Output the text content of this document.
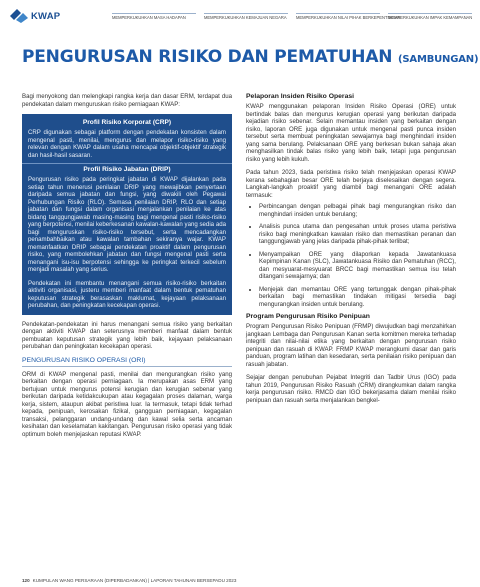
KWAP	MEMPERKUKUHKAN MASA HADAPAN	MEMPERKUKUHKAN KEMAJUAN NEGARA	MEMPERKUKUHKAN NILAI PIHAK BERKEPENTINGAN
MEMPERKUKUHKAN IMPAK KEMAMPANAN
PENGURUSAN RISIKO DAN PEMATUHAN (SAMBUNGAN)

Bagi menyokong dan melengkapi rangka kerja dan dasar ERM, terdapat dua pendekatan dalam menguruskan risiko perniagaan KWAP:

Profil Risiko Korporat (CRP)

CRP digunakan sebagai platform dengan pendekatan konsisten dalam mengenal pasti, menilai, mengurus dan melapor risiko-risiko yang relevan dengan KWAP dalam usaha mencapai objektif-objektif strategik dan hasil-hasil sasaran.

Profil Risiko Jabatan (DRIP)

Pengurusan risiko pada peringkat jabatan di KWAP dijalankan pada setiap tahun menerusi penilaian DRIP yang mewajibkan penyertaan daripada semua jabatan dan fungsi, yang diwakili oleh Pegawai Perhubungan Risiko (RLO). Semasa penilaian DRIP, RLO dan setiap jabatan dan fungsi dalam organisasi menjalankan penilaian ke atas bidang tanggungjawab masing-masing bagi mengenal pasti risiko-risiko yang berpotensi, menilai keberkesanan kawalan-kawalan yang sedia ada bagi menguruskan risiko-risiko tersebut, serta mencadangkan penambahbaikan atau kawalan tambahan sekiranya wajar. KWAP memanfaatkan DRIP sebagai pendekatan proaktif dalam pengurusan risiko, yang membolehkan jabatan dan fungsi mengenal pasti serta menangani isu-isu berpotensi sehingga ke peringkat terkecil sebelum menjadi masalah yang serius.

Pendekatan ini membantu menangani semua risiko-risiko berkaitan aktiviti organisasi, justeru memberi manfaat dalam bentuk pematuhan keputusan strategik berasaskan maklumat, kejayaan pelaksanaan perubahan, dan peningkatan kecekapan operasi.

Pendekatan-pendekatan ini harus menangani semua risiko yang berkaitan dengan aktiviti KWAP dan seterusnya memberi manfaat dalam bentuk pembuatan keputusan strategik yang lebih baik, kejayaan pelaksanaan perubahan dan peningkatan kecekapan operasi.

PENGURUSAN RISIKO OPERASI (ORI)

ORM di KWAP mengenal pasti, menilai dan mengurangkan risiko yang berkaitan dengan operasi perniagaan. Ia merupakan asas ERM yang bertujuan untuk mengurus potensi kerugian dan kerugian sebenar yang berikutan daripada ketidakcukupan atau kegagalan proses dalaman, warga kerja, sistem, ataupun akibat peristiwa luar. Ia termasuk, tetapi tidak terhad kepada, penipuan, kerosakan fizikal, gangguan perniagaan, kegagalan transaksi, pelanggaran undang-undang dan kawal selia serta ancaman kesihatan dan keselamatan kakitangan. Pengurusan risiko operasi yang tidak optimum boleh menjejaskan reputasi KWAP.

Pelaporan Insiden Risiko Operasi

KWAP menggunakan pelaporan Insiden Risiko Operasi (ORE) untuk bertindak balas dan mengurus kerugian operasi yang berikutan daripada kejadian risiko sebenar. Selain memantau insiden yang berkaitan dengan risiko, laporan ORE juga digunakan untuk mengenal pasti punca insiden tersebut serta membuat peningkatan sewajarnya bagi menghindari insiden yang sama berulang. Pelaksanaan ORE yang berkesan bukan sahaja akan menghasilkan tindak balas risiko yang lebih baik, tetapi juga pengurusan risiko yang lebih kukuh.

Pada tahun 2023, tiada peristiwa risiko telah menjejaskan operasi KWAP kerana sebahagian besar ORE telah berjaya diselesaikan dengan segera. Langkah-langkah proaktif yang diambil bagi menangani ORE adalah termasuk:

• Perbincangan dengan pelbagai pihak bagi mengurangkan risiko dan menghindari insiden untuk berulang;
• Analisis punca utama dan pengesahan untuk proses utama peristiwa risiko bagi meningkatkan kawalan risiko dan memastikan peranan dan tanggungjawab yang jelas daripada pihak-pihak terlibat;
• Menyampaikan ORE yang dilaporkan kepada Jawatankuasa Kepimpinan Kanan (SLC), Jawatankuasa Risiko dan Pematuhan (RCC), dan mesyuarat-mesyuarat BRCC bagi memastikan semua isu telah ditangani sewajarnya; dan
• Menjejak dan memantau ORE yang tertunggak dengan pihak-pihak berkaitan bagi memastikan tindakan mitigasi tersedia bagi mengurangkan insiden untuk berulang.
Program Pengurusan Risiko Penipuan

Program Pengurusan Risiko Penipuan (FRMP) diwujudkan bagi menzahirkan jangkaan Lembaga dan Pengurusan Kanan serta komitmen mereka terhadap integriti dan nilai-nilai etika yang berkaitan dengan pengurusan risiko penipuan dan rasuah di KWAP. FRMP KWAP merangkumi dasar dan garis panduan, program latihan dan kesedaran, serta penilaian risiko penipuan dan rasuah jabatan.

Sejajar dengan penubuhan Pejabat Integriti dan Tadbir Urus (IGO) pada tahun 2019, Pengurusan Risiko Rasuah (CRM) dirangkumkan dalam rangka kerja pengurusan risiko. RMCD dan IGO bekerjasama dalam menilai risiko penipuan dan rasuah serta menjalankan bengkel-

120 KUMPULAN WANG PERSARAAN (DIPERBADANKAN) | LAPORAN TAHUNAN BERSEPADU 2023
